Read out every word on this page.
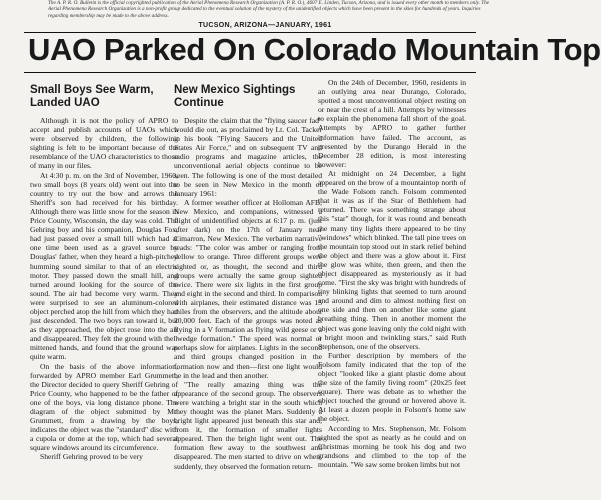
The A. P. R. O. Bulletin is the official copyrighted publication of the Aerial Phenomena Research Organization (A. P. R. O.), 4607 E. Linden, Tucson, Arizona, and is issued every other month to members only. The Aerial Phenomena Research Organization is a non-profit group dedicated to the eventual solution of the mystery of the unidentified objects which have been present in the skies for hundreds of years. Inquiries regarding membership may be made to the above address.
TUCSON, ARIZONA—JANUARY, 1961
UAO Parked On Colorado Mountain Top
Small Boys See Warm, Landed UAO

Although it is not the policy of APRO to accept and publish accounts of UAOs which were observed by children, the following sighting is felt to be important because of the resemblance of the UAO characteristics to those of many in our files.

At 4:30 p. m. on the 3rd of November, 1960, two small boys (8 years old) went out into the country to try out the bow and arrows the Sheriff's son had received for his birthday. Although there was little snow for the season in Price County, Wisconsin, the day was cold. The Gehring boy and his companion, Douglas Fox, had just passed over a small hill which had at one time been used as a gravel source by Douglas' father, when they heard a high-pitched humming sound similar to that of an electric motor. They passed down the small hill, and turned around looking for the source of the sound. The air had become very warm. They were surprised to see an aluminum-colored object perched atop the hill from which they had just descended. The two boys ran toward it, but as they approached, the object rose into the air and disappeared. They felt the ground with their mittened hands, and found that the ground was quite warm.

On the basis of the above information, forwarded by APRO member Earl Grummett, the Director decided to query Sheriff Gehring of Price County, who happened to be the father of one of the boys, via long distance phone. The diagram of the object submitted by Mr. Grummett, from a drawing by the boys, indicates the object was the "standard" disc with a cupola or dome at the top, which had several square windows around its circumference.

Sheriff Gehring proved to be very

New Mexico Sightings Continue

Despite the claim that the "flying saucer fad" would die out, as proclaimed by Lt. Col. Tacker in his book "Flying Saucers and the United States Air Force," and on subsequent TV and radio programs and magazine articles, the unconventional aerial objects continue to be seen. The following is one of the most detailed to be seen in New Mexico in the month of January 1961:

A former weather officer at Holloman AFB, New Mexico, and companions, witnessed a flight of unidentified objects at 6:17 p. m. (just after dark) on the 17th of January near Cimarron, New Mexico. The verbatim narrative reads: "The color was amber or ranging from yellow to orange. Three different groups were sighted or, as thought, the second and third groups were actually the same group sighted twice. There were six lights in the first group and eight in the second and third. In comparison with airplanes, their estimated distance was 15 miles from the observers, and the altitude about 20,000 feet. Each of the groups was noted as flying in a V formation as flying wild geese or a "wedge formation." The speed was normal or perhaps slow for airplanes. Lights in the second and third groups changed position in the formation now and then—first one light would be in the lead and then another.

"The really amazing thing was the appearance of the second group. The observers were watching a bright star in the south which they thought was the planet Mars. Suddenly a bright light appeared just beneath this star and, from it, the formation of smaller lights appeared. Then the bright light went out. The formation flew away to the southwest and disappeared. The men started to drive on when, suddenly, they observed the formation return-

On the 24th of December, 1960, residents in an outlying area near Durango, Colorado, spotted a most unconventional object resting on or near the crest of a hill. Attempts by witnesses to explain the phenomena fall short of the goal. Attempts by APRO to gather further information have failed. The account, as presented by the Durango Herald in the December 28 edition, is most interesting however:

At midnight on 24 December, a light appeared on the brow of a mountaintop north of the Wade Folsom ranch. Folsom commented that it was as if the Star of Bethlehem had returned. There was something strange about this "star" though, for it was round and beneath the many tiny lights there appeared to be tiny "windows" which blinked. The tall pine trees on the mountain top stood out in stark relief behind the object and there was a glow about it. First the glow was white, then green, and then the object disappeared as mysteriously as it had come. "First the sky was bright with hundreds of tiny blinking lights that seemed to turn around and around and dim to almost nothing first on one side and then on another like some giant breathing thing. Then in another moment the object was gone leaving only the cold night with a bright moon and twinkling stars," said Ruth Stephenson, one of the observers.

Further description by members of the Folsom family indicated that the top of the object "looked like a giant plastic dome about the size of the family living room" (20x25 feet square). There was debate as to whether the object touched the ground or hovered above it. At least a dozen people in Folsom's home saw the object.

According to Mrs. Stephenson, Mr. Folsom sighted the spot as nearly as he could and on Christmas morning he took his dog and two grandsons and climbed to the top of the mountain. "We saw some broken limbs but not
